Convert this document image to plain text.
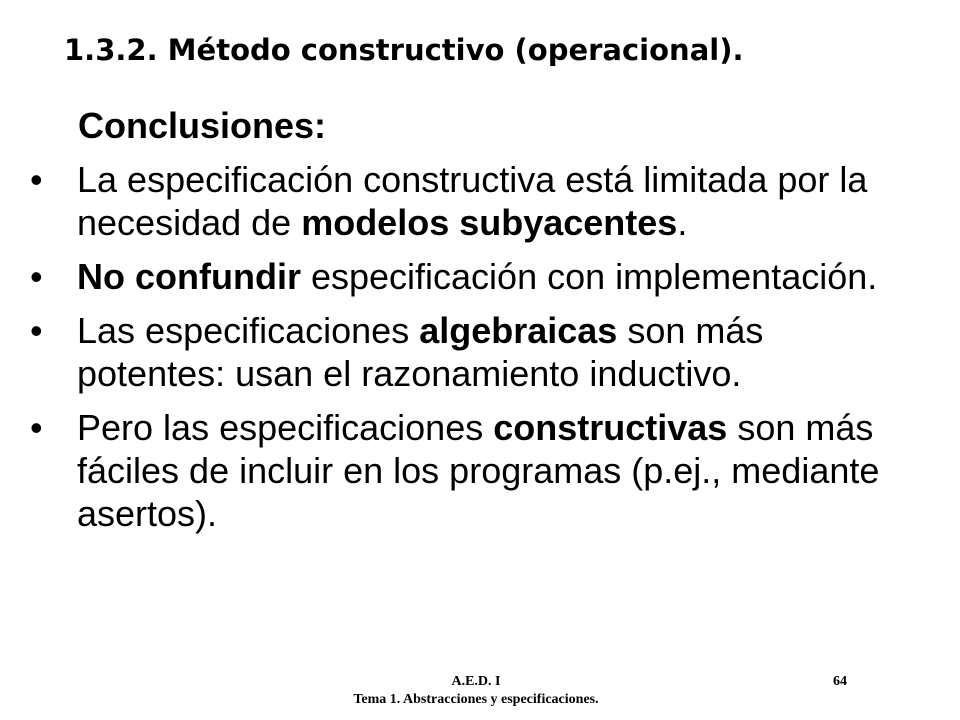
1.3.2. Método constructivo (operacional).
Conclusiones:
• La especificación constructiva está limitada por la necesidad de modelos subyacentes.
• No confundir especificación con implementación.
• Las especificaciones algebraicas son más potentes: usan el razonamiento inductivo.
• Pero las especificaciones constructivas son más fáciles de incluir en los programas (p.ej., mediante asertos).
A.E.D. I
Tema 1. Abstracciones y especificaciones.
64
